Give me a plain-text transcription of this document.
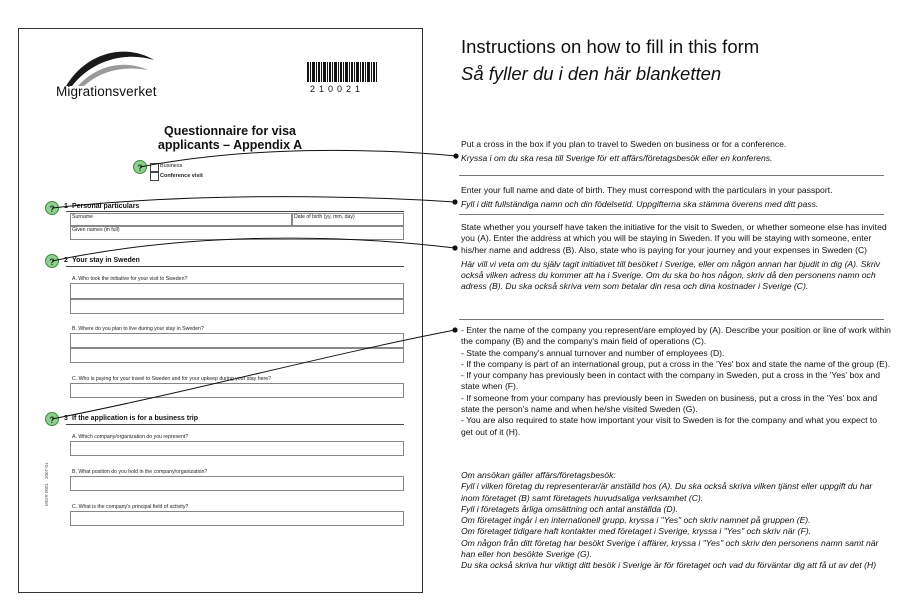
Migrationsverket	210021
Questionnaire for visa
applicants – Appendix A
?	Business
Conference visit
?	1 Personal particulars
Surname	Date of birth (yy, mm, day)
Given names (in full)
?	2 Your stay in Sweden
A. Who took the initiative for your visit to Sweden?
B. Where do you plan to live during your stay in Sweden?
C. Who is paying for your travel to Sweden and for your upkeep during your stay here?
?	3 If the application is for a business trip
A. Which company/organization do you represent?
B. What position do you hold in the company/organization?
C. What is the company's principal field of activity?
MIGR 0001 · 2007-01
Instructions on how to fill in this form
Så fyller du i den här blanketten

Put a cross in the box if you plan to travel to Sweden on business or for a conference.

Kryssa i om du ska resa till Sverige för ett affärs/företagsbesök eller en konferens.

Enter your full name and date of birth. They must correspond with the particulars in your passport.

Fyll i ditt fullständiga namn och din födelsetid. Uppgifterna ska stämma överens med ditt pass.

State whether you yourself have taken the initiative for the visit to Sweden, or whether someone else has invited you (A). Enter the address at which you will be staying in Sweden. If you will be staying with someone, enter his/her name and address (B). Also, state who is paying for your journey and your expenses in Sweden (C)

Här vill vi veta om du själv tagit initiativet till besöket i Sverige, eller om någon annan har bjudit in dig (A). Skriv också vilken adress du kommer att ha i Sverige. Om du ska bo hos någon, skriv då den personens namn och adress (B). Du ska också skriva vem som betalar din resa och dina kostnader i Sverige (C).

- Enter the name of the company you represent/are employed by (A). Describe your position or line of work within the company (B) and the company's main field of operations (C).

- State the company's annual turnover and number of employees (D).

- If the company is part of an international group, put a cross in the 'Yes' box and state the name of the group (E).

- If your company has previously been in contact with the company in Sweden, put a cross in the 'Yes' box and state when (F).

- If someone from your company has previously been in Sweden on business, put a cross in the 'Yes' box and state the person's name and when he/she visited Sweden (G).

- You are also required to state how important your visit to Sweden is for the company and what you expect to get out of it (H).

Om ansökan gäller affärs/företagsbesök:

Fyll i vilken företag du representerar/är anställd hos (A). Du ska också skriva vilken tjänst eller uppgift du har inom företaget (B) samt företagets huvudsaliga verksamhet (C).

Fyll i företagets årliga omsättning och antal anställda (D).

Om företaget ingår i en internationell grupp, kryssa i "Yes" och skriv namnet på gruppen (E).

Om företaget tidigare haft kontakter med företaget i Sverige, kryssa i "Yes" och skriv när (F).

Om någon från ditt företag har besökt Sverige i affärer, kryssa i "Yes" och skriv den personens namn samt när han eller hon besökte Sverige (G).

Du ska också skriva hur viktigt ditt besök i Sverige är för företaget och vad du förväntar dig att få ut av det (H)
